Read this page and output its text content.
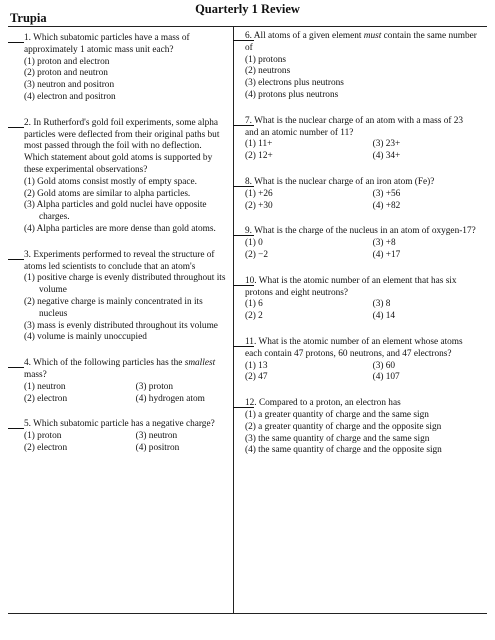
Quarterly 1 Review
Trupia
1. Which subatomic particles have a mass of approximately 1 atomic mass unit each?
(1) proton and electron
(2) proton and neutron
(3) neutron and positron
(4) electron and positron
2. In Rutherford's gold foil experiments, some alpha particles were deflected from their original paths but most passed through the foil with no deflection. Which statement about gold atoms is supported by these experimental observations?
(1) Gold atoms consist mostly of empty space.
(2) Gold atoms are similar to alpha particles.
(3) Alpha particles and gold nuclei have opposite charges.
(4) Alpha particles are more dense than gold atoms.
3. Experiments performed to reveal the structure of atoms led scientists to conclude that an atom's
(1) positive charge is evenly distributed throughout its volume
(2) negative charge is mainly concentrated in its nucleus
(3) mass is evenly distributed throughout its volume
(4) volume is mainly unoccupied
4. Which of the following particles has the smallest mass?
(1) neutron	(3) proton
(2) electron	(4) hydrogen atom
5. Which subatomic particle has a negative charge?
(1) proton	(3) neutron
(2) electron	(4) positron
6. All atoms of a given element must contain the same number of
(1) protons
(2) neutrons
(3) electrons plus neutrons
(4) protons plus neutrons
7. What is the nuclear charge of an atom with a mass of 23 and an atomic number of 11?
(1) 11+	(3) 23+
(2) 12+	(4) 34+
8. What is the nuclear charge of an iron atom (Fe)?
(1) +26	(3) +56
(2) +30	(4) +82
9. What is the charge of the nucleus in an atom of oxygen-17?
(1) 0	(3) +8
(2) −2	(4) +17
10. What is the atomic number of an element that has six protons and eight neutrons?
(1) 6	(3) 8
(2) 2	(4) 14
11. What is the atomic number of an element whose atoms each contain 47 protons, 60 neutrons, and 47 electrons?
(1) 13	(3) 60
(2) 47	(4) 107
12. Compared to a proton, an electron has
(1) a greater quantity of charge and the same sign
(2) a greater quantity of charge and the opposite sign
(3) the same quantity of charge and the same sign
(4) the same quantity of charge and the opposite sign
